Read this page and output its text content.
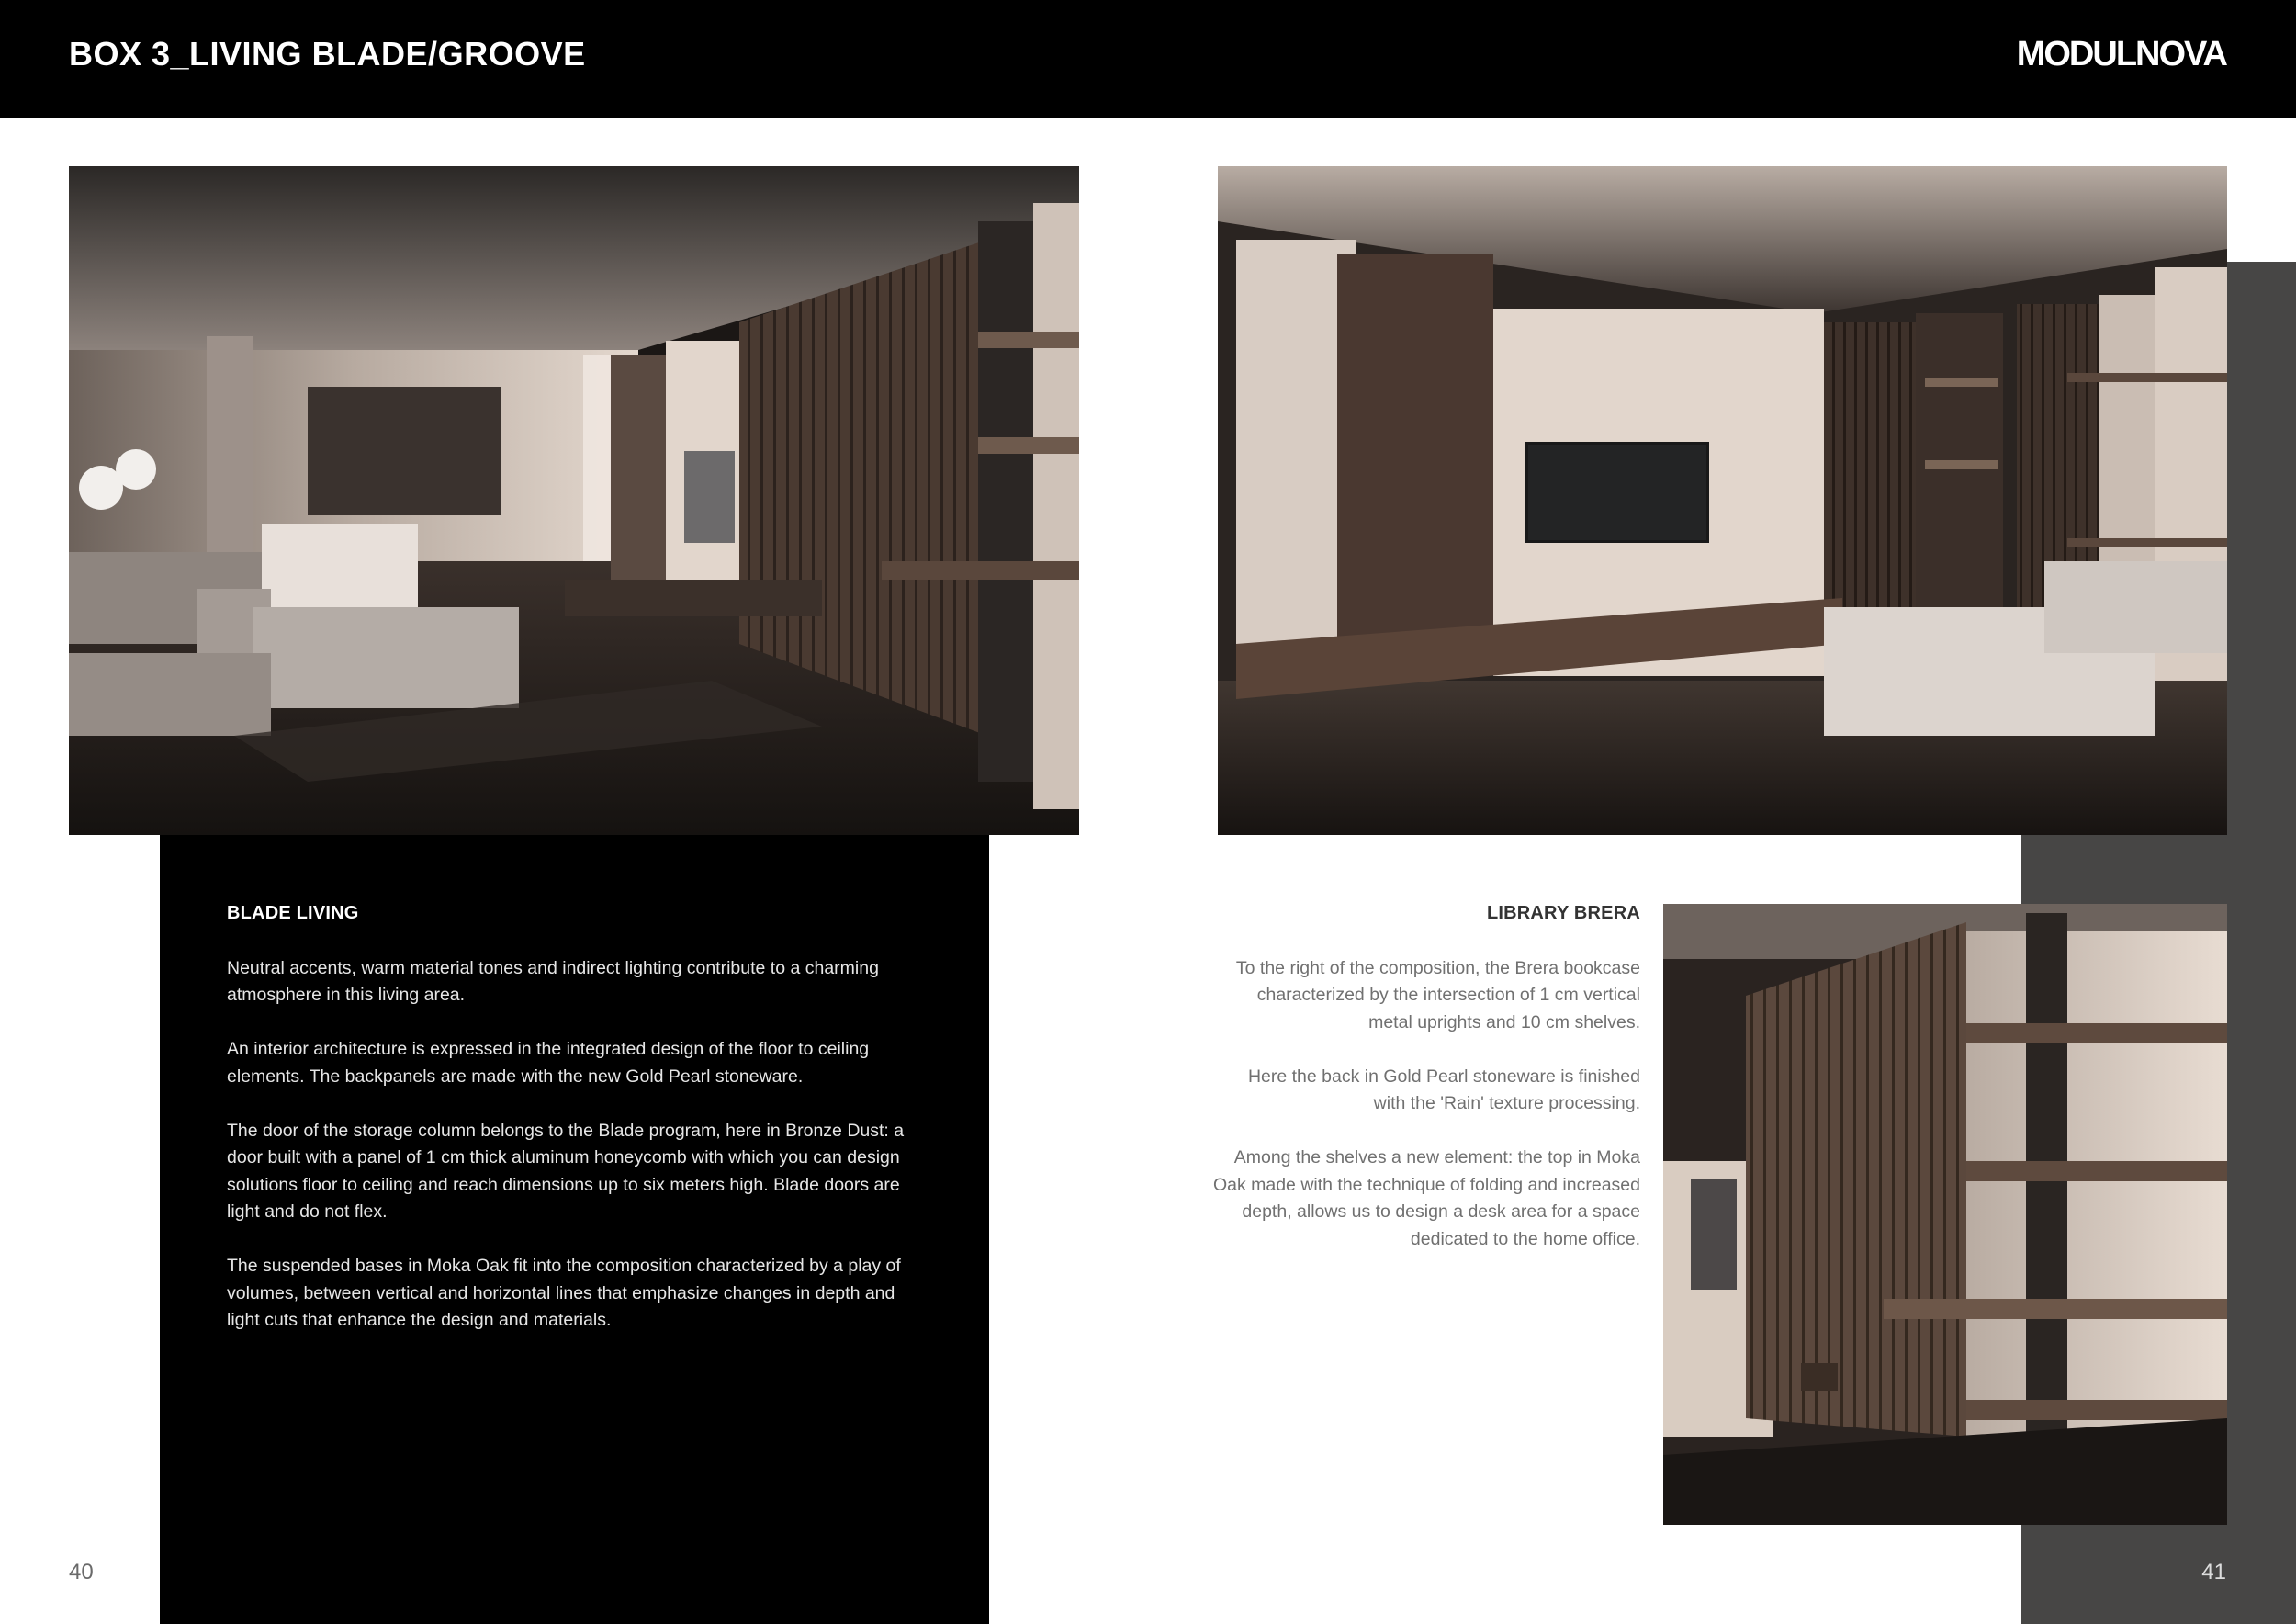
BOX 3_LIVING BLADE/GROOVE	MODULNOVA
BLADE LIVING

Neutral accents, warm material tones and indirect lighting contribute to a charming atmosphere in this living area.

An interior architecture is expressed in the integrated design of the floor to ceiling elements. The backpanels are made with the new Gold Pearl stoneware.

The door of the storage column belongs to the Blade program, here in Bronze Dust: a door built with a panel of 1 cm thick aluminum honeycomb with which you can design solutions floor to ceiling and reach dimensions up to six meters high. Blade doors are light and do not flex.

The suspended bases in Moka Oak fit into the composition characterized by a play of volumes, between vertical and horizontal lines that emphasize changes in depth and light cuts that enhance the design and materials.

LIBRARY BRERA

To the right of the composition, the Brera bookcase characterized by the intersection of 1 cm vertical metal uprights and 10 cm shelves.

Here the back in Gold Pearl stoneware is finished with the 'Rain' texture processing.

Among the shelves a new element: the top in Moka Oak made with the technique of folding and increased depth, allows us to design a desk area for a space dedicated to the home office.

40	41
